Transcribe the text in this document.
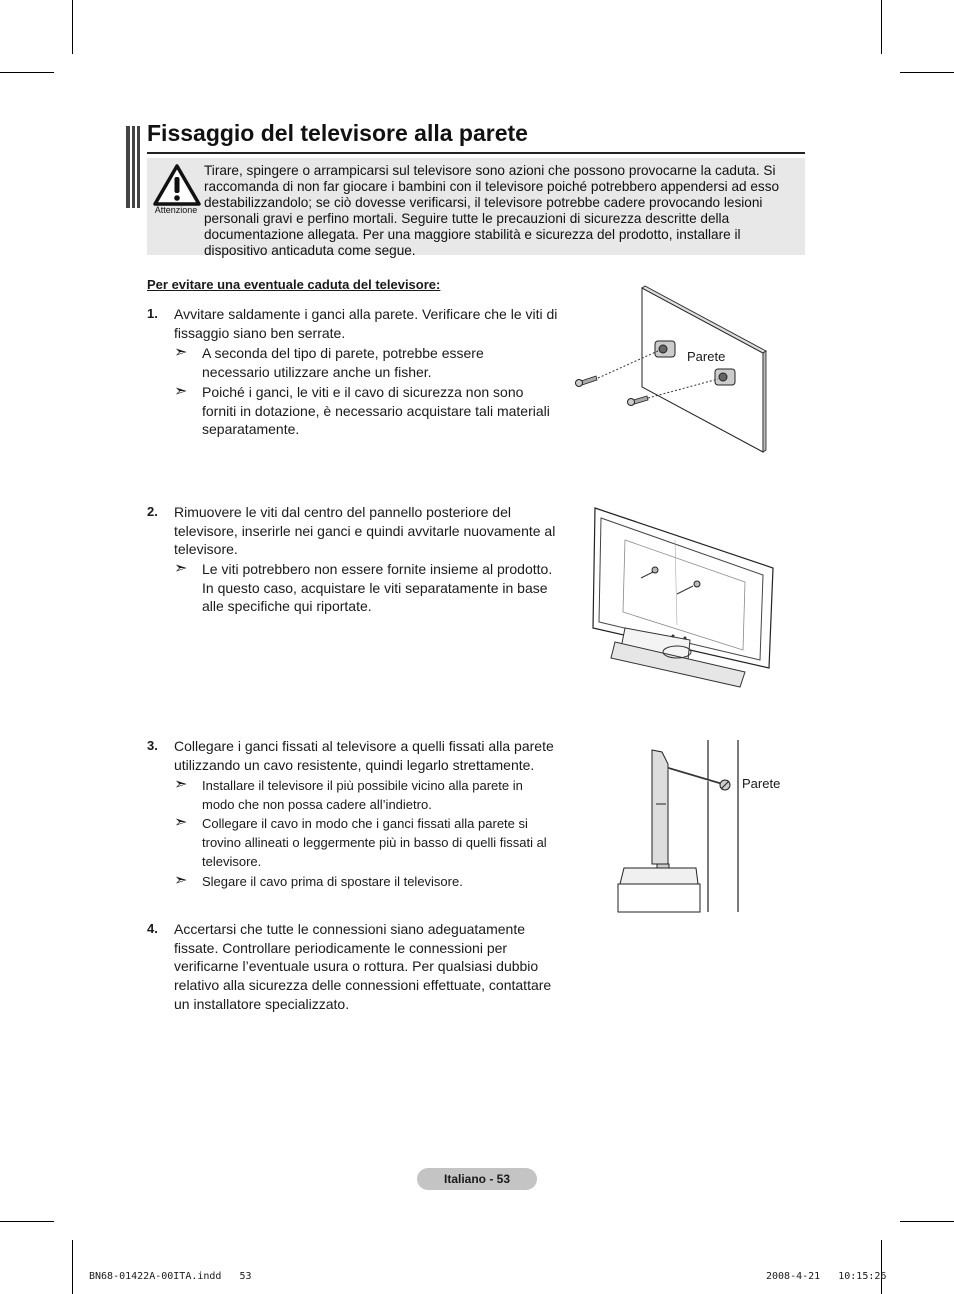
Fissaggio del televisore alla parete
Attenzione
Tirare, spingere o arrampicarsi sul televisore sono azioni che possono provocarne la caduta. Si raccomanda di non far giocare i bambini con il televisore poiché potrebbero appendersi ad esso destabilizzandolo; se ciò dovesse verificarsi, il televisore potrebbe cadere provocando lesioni personali gravi e perfino mortali. Seguire tutte le precauzioni di sicurezza descritte della documentazione allegata. Per una maggiore stabilità e sicurezza del prodotto, installare il dispositivo anticaduta come segue.
Per evitare una eventuale caduta del televisore:
1. Avvitare saldamente i ganci alla parete. Verificare che le viti di fissaggio siano ben serrate.
➣ A seconda del tipo di parete, potrebbe essere necessario utilizzare anche un fisher.
➣ Poiché i ganci, le viti e il cavo di sicurezza non sono forniti in dotazione, è necessario acquistare tali materiali separatamente.
Parete
2. Rimuovere le viti dal centro del pannello posteriore del televisore, inserirle nei ganci e quindi avvitarle nuovamente al televisore.
➣ Le viti potrebbero non essere fornite insieme al prodotto. In questo caso, acquistare le viti separatamente in base alle specifiche qui riportate.
3. Collegare i ganci fissati al televisore a quelli fissati alla parete utilizzando un cavo resistente, quindi legarlo strettamente.
➣ Installare il televisore il più possibile vicino alla parete in modo che non possa cadere all’indietro.
➣ Collegare il cavo in modo che i ganci fissati alla parete si trovino allineati o leggermente più in basso di quelli fissati al televisore.
➣ Slegare il cavo prima di spostare il televisore.
Parete
4. Accertarsi che tutte le connessioni siano adeguatamente fissate. Controllare periodicamente le connessioni per verificarne l’eventuale usura o rottura. Per qualsiasi dubbio relativo alla sicurezza delle connessioni effettuate, contattare un installatore specializzato.
Italiano - 53
BN68-01422A-00ITA.indd   53	2008-4-21   10:15:26
